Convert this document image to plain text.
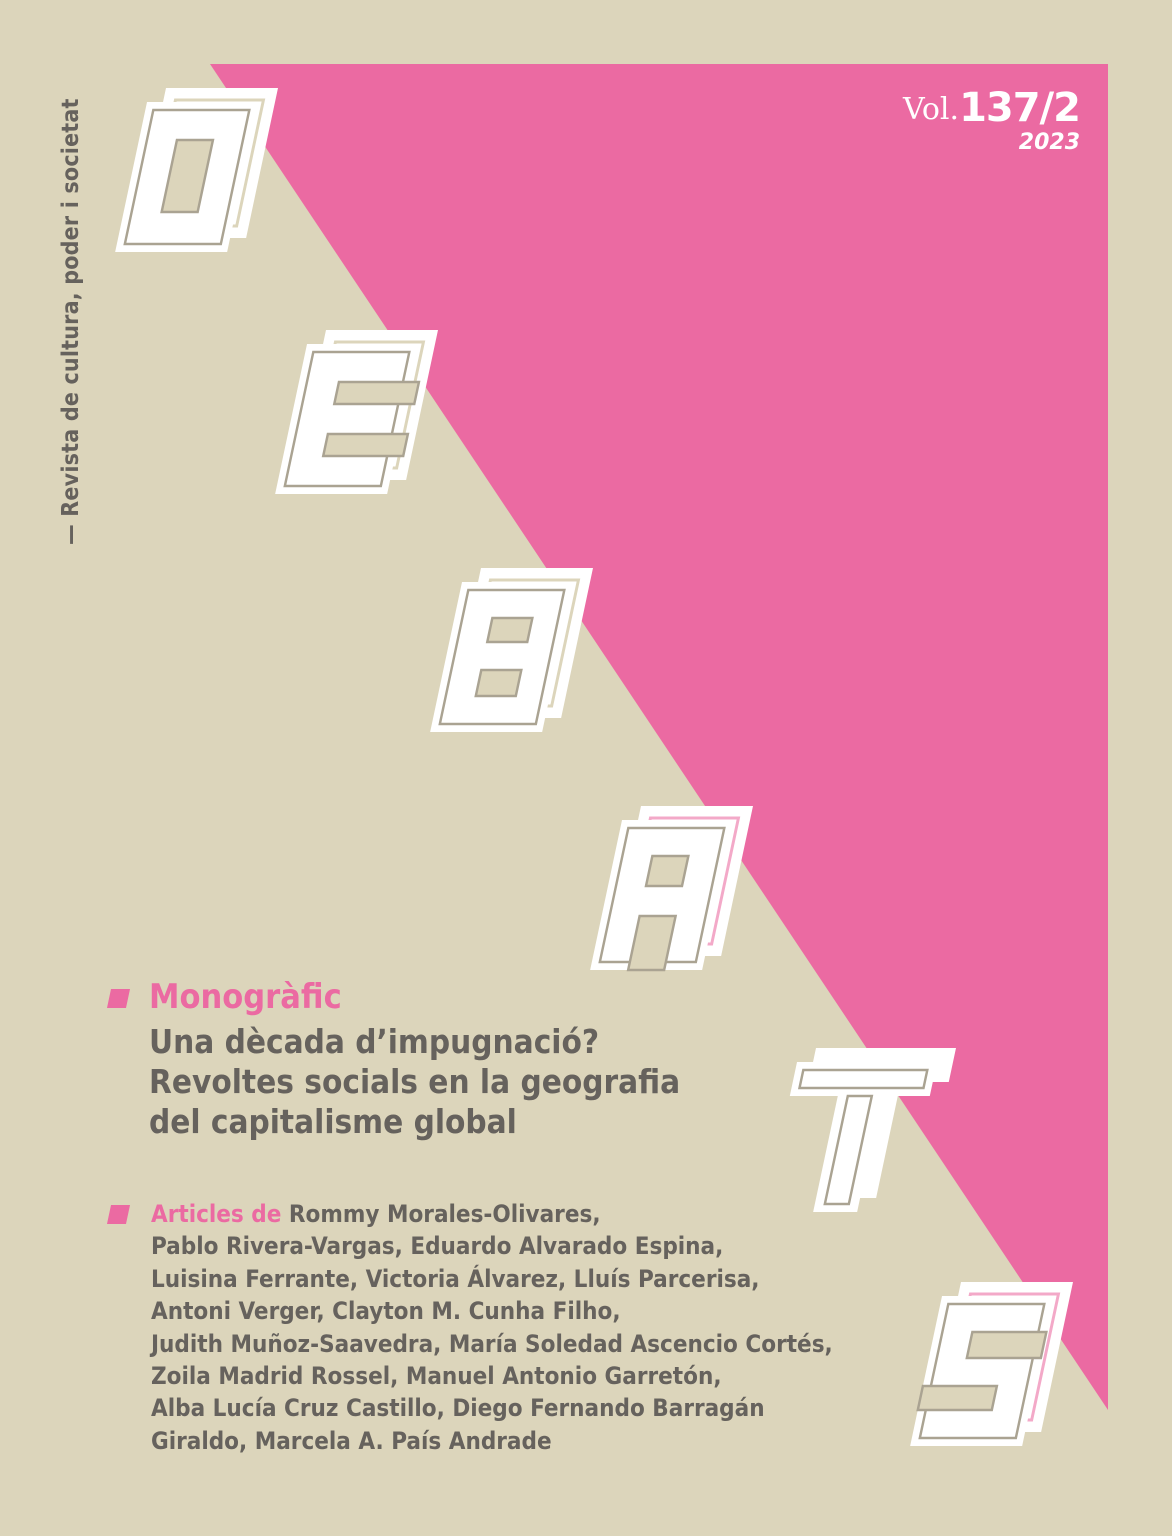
— Revista de cultura, poder i societat	Vol.137/2
2023
Monogràfic
Una dècada d’impugnació?
Revoltes socials en la geografia
del capitalisme global
Articles de Rommy Morales-Olivares,
Pablo Rivera-Vargas, Eduardo Alvarado Espina,
Luisina Ferrante, Victoria Álvarez, Lluís Parcerisa,
Antoni Verger, Clayton M. Cunha Filho,
Judith Muñoz-Saavedra, María Soledad Ascencio Cortés,
Zoila Madrid Rossel, Manuel Antonio Garretón,
Alba Lucía Cruz Castillo, Diego Fernando Barragán
Giraldo, Marcela A. País Andrade
